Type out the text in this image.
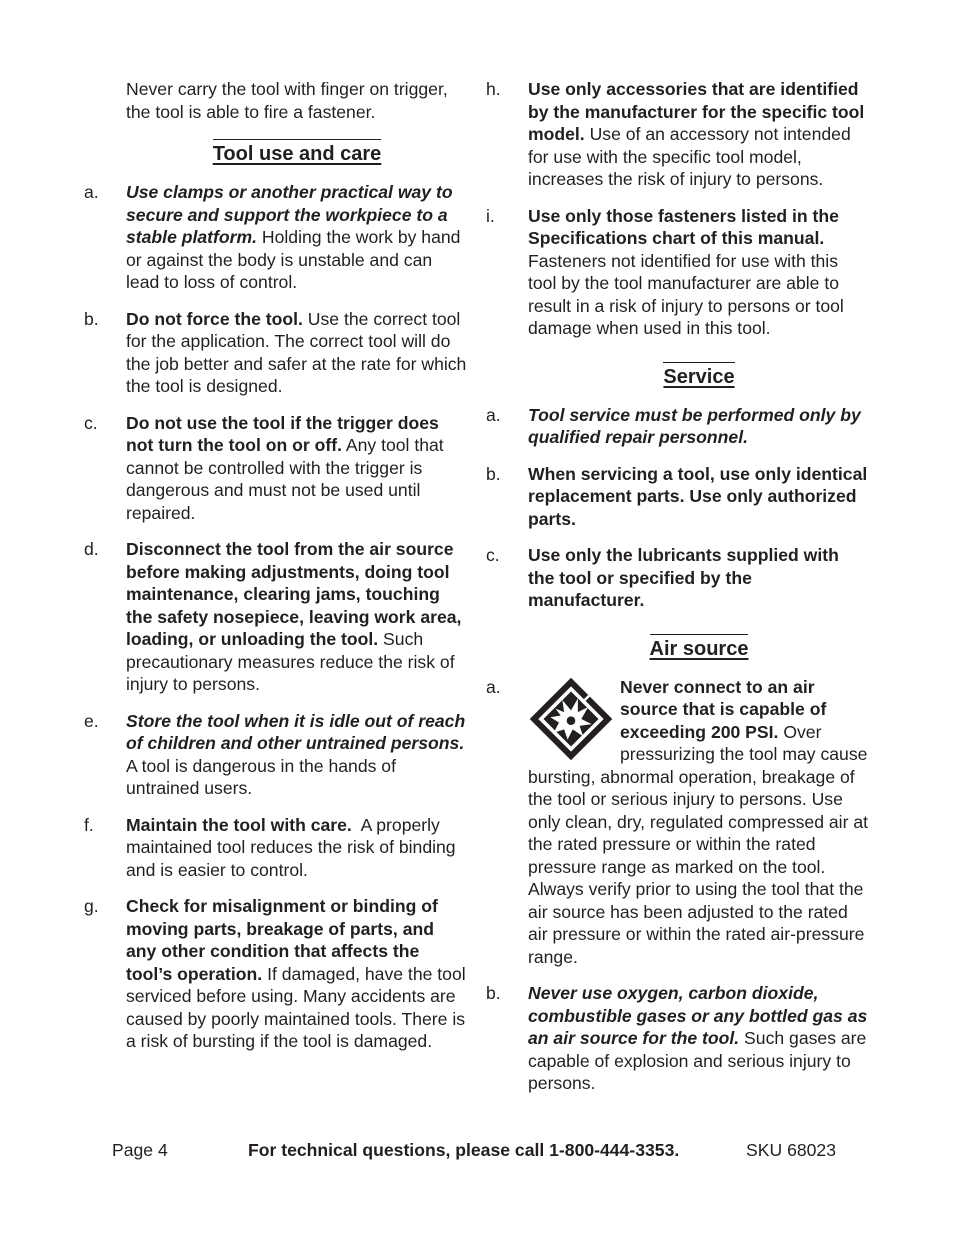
Never carry the tool with finger on trigger, the tool is able to fire a fastener.
Tool use and care
a. Use clamps or another practical way to secure and support the workpiece to a stable platform. Holding the work by hand or against the body is unstable and can lead to loss of control.
b. Do not force the tool. Use the correct tool for the application. The correct tool will do the job better and safer at the rate for which the tool is designed.
c. Do not use the tool if the trigger does not turn the tool on or off. Any tool that cannot be controlled with the trigger is dangerous and must not be used until repaired.
d. Disconnect the tool from the air source before making adjustments, doing tool maintenance, clearing jams, touching the safety nosepiece, leaving work area, loading, or unloading the tool. Such precautionary measures reduce the risk of injury to persons.
e. Store the tool when it is idle out of reach of children and other untrained persons. A tool is dangerous in the hands of untrained users.
f. Maintain the tool with care.  A properly maintained tool reduces the risk of binding and is easier to control.
g. Check for misalignment or binding of moving parts, breakage of parts, and any other condition that affects the tool’s operation. If damaged, have the tool serviced before using. Many accidents are caused by poorly maintained tools. There is a risk of bursting if the tool is damaged.
h. Use only accessories that are identified by the manufacturer for the specific tool model. Use of an accessory not intended for use with the specific tool model, increases the risk of injury to persons.
i. Use only those fasteners listed in the Specifications chart of this manual. Fasteners not identified for use with this tool by the tool manufacturer are able to result in a risk of injury to persons or tool damage when used in this tool.
Service
a. Tool service must be performed only by qualified repair personnel.
b. When servicing a tool, use only identical replacement parts. Use only authorized parts.
c. Use only the lubricants supplied with the tool or specified by the manufacturer.
Air source
a.	Never connect to an air source that is capable of exceeding 200 PSI. Over pressurizing the tool may cause bursting, abnormal operation, breakage of the tool or serious injury to persons. Use only clean, dry, regulated compressed air at the rated pressure or within the rated pressure range as marked on the tool. Always verify prior to using the tool that the air source has been adjusted to the rated air pressure or within the rated air-pressure range.
b. Never use oxygen, carbon dioxide, combustible gases or any bottled gas as an air source for the tool. Such gases are capable of explosion and serious injury to persons.
Page 4	For technical questions, please call 1-800-444-3353.	SKU 68023
